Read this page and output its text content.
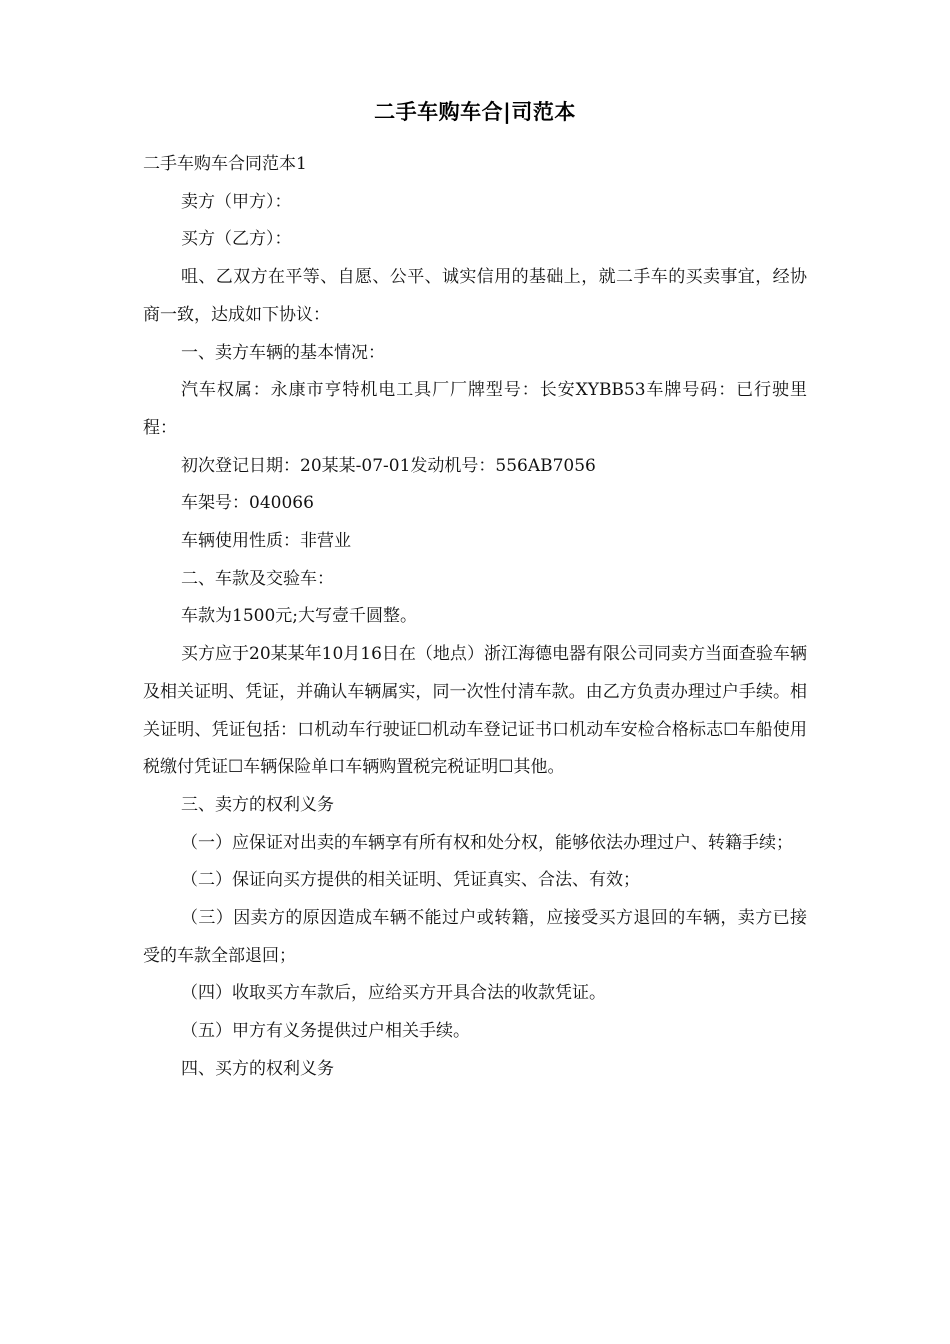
二手车购车合|司范本

二手车购车合同范本1

卖方（甲方）：

买方（乙方）：

咀、乙双方在平等、自愿、公平、诚实信用的基础上，就二手车的买卖事宜，经协商一致，达成如下协议：

一、卖方车辆的基本情况：

汽车权属：永康市亨特机电工具厂厂牌型号：长安XYBB53车牌号码：已行驶里程：

初次登记日期：20某某-07-01发动机号：556AB7056

车架号：040066

车辆使用性质：非营业

二、车款及交验车：

车款为1500元;大写壹千圆整。

买方应于20某某年10月16日在（地点）浙江海德电器有限公司同卖方当面查验车辆及相关证明、凭证，并确认车辆属实，同一次性付清车款。由乙方负责办理过户手续。相关证明、凭证包括：口机动车行驶证☐机动车登记证书口机动车安检合格标志☐车船使用税缴付凭证☐车辆保险单口车辆购置税完税证明☐其他。

三、卖方的权利义务

（一）应保证对出卖的车辆享有所有权和处分权，能够依法办理过户、转籍手续；

（二）保证向买方提供的相关证明、凭证真实、合法、有效；

（三）因卖方的原因造成车辆不能过户或转籍，应接受买方退回的车辆，卖方已接受的车款全部退回；

（四）收取买方车款后，应给买方开具合法的收款凭证。

（五）甲方有义务提供过户相关手续。

四、买方的权利义务
